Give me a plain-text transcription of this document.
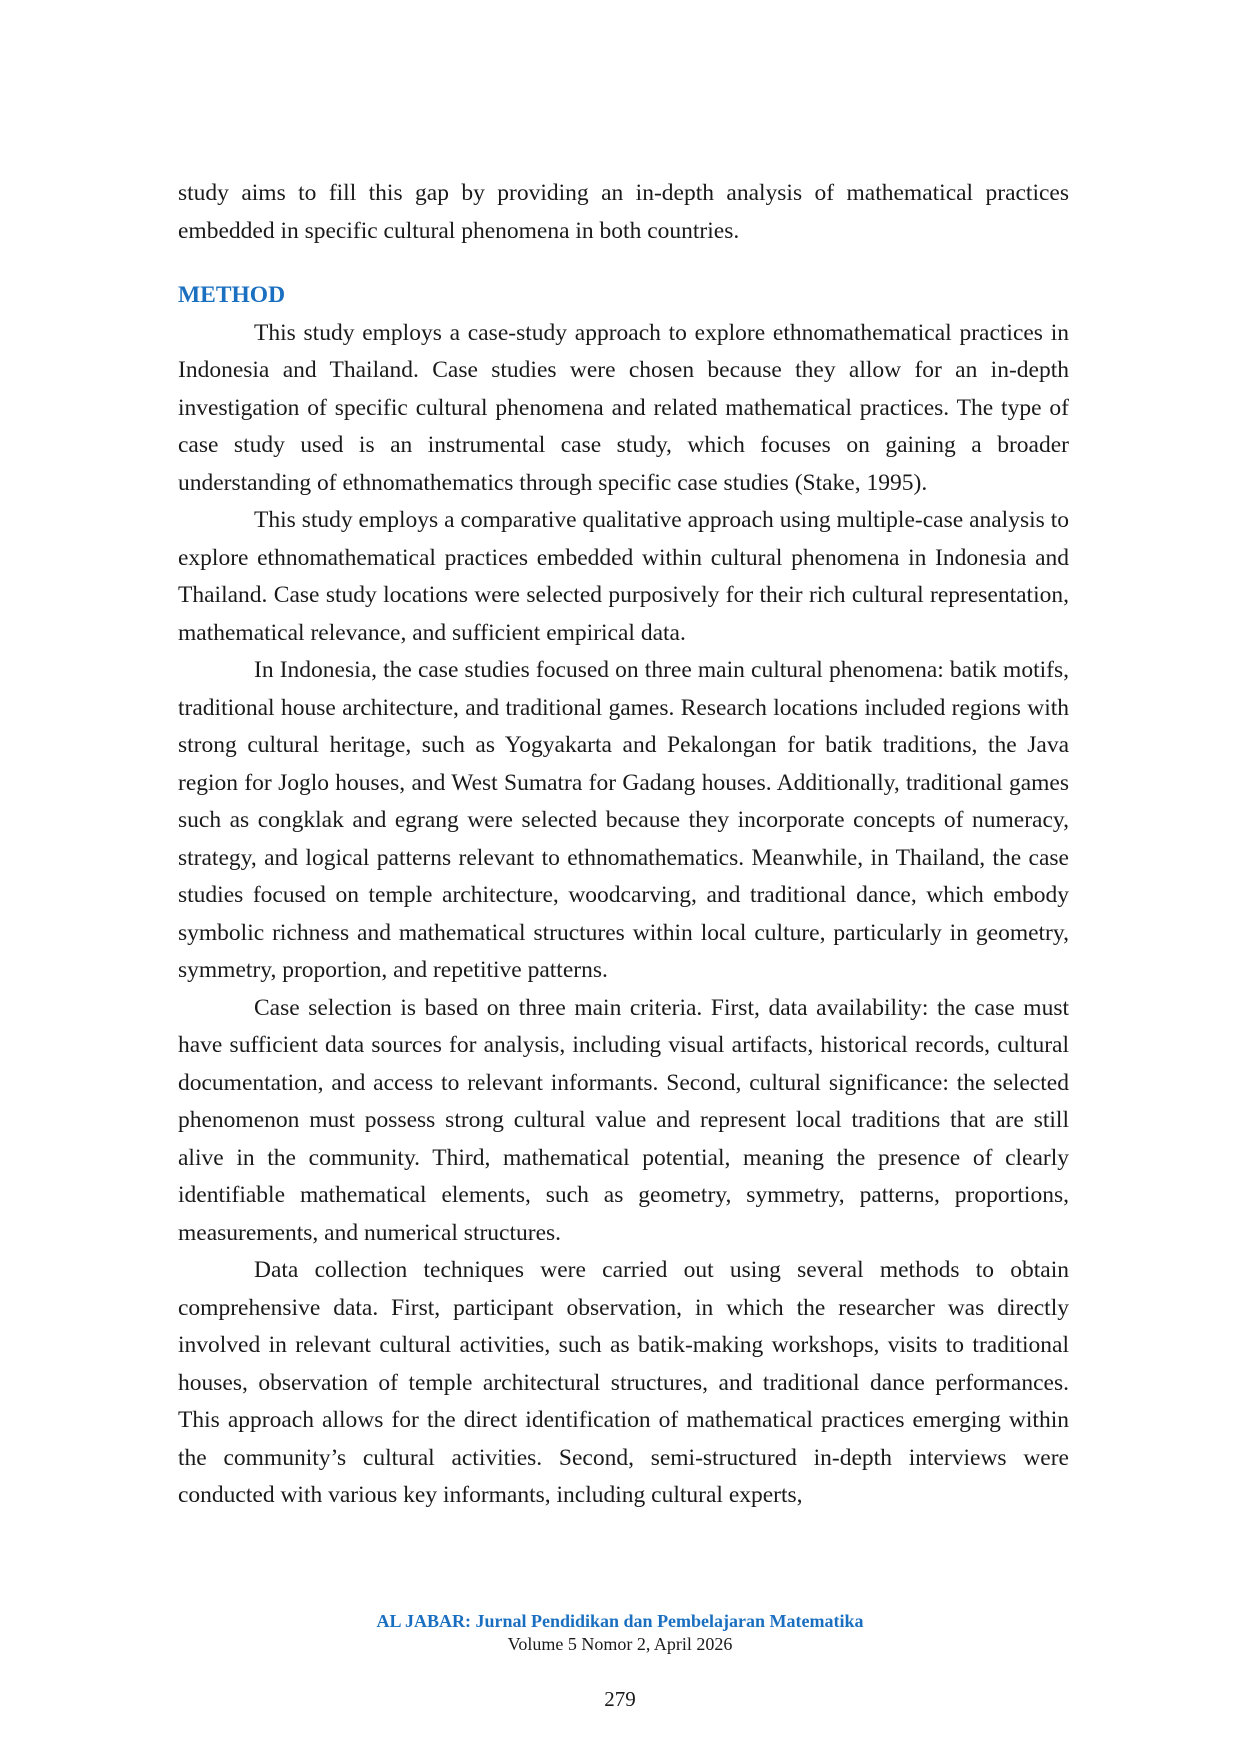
study aims to fill this gap by providing an in-depth analysis of mathematical practices embedded in specific cultural phenomena in both countries.

METHOD

This study employs a case-study approach to explore ethnomathematical practices in Indonesia and Thailand. Case studies were chosen because they allow for an in-depth investigation of specific cultural phenomena and related mathematical practices. The type of case study used is an instrumental case study, which focuses on gaining a broader understanding of ethnomathematics through specific case studies (Stake, 1995).

This study employs a comparative qualitative approach using multiple-case analysis to explore ethnomathematical practices embedded within cultural phenomena in Indonesia and Thailand. Case study locations were selected purposively for their rich cultural representation, mathematical relevance, and sufficient empirical data.

In Indonesia, the case studies focused on three main cultural phenomena: batik motifs, traditional house architecture, and traditional games. Research locations included regions with strong cultural heritage, such as Yogyakarta and Pekalongan for batik traditions, the Java region for Joglo houses, and West Sumatra for Gadang houses. Additionally, traditional games such as congklak and egrang were selected because they incorporate concepts of numeracy, strategy, and logical patterns relevant to ethnomathematics. Meanwhile, in Thailand, the case studies focused on temple architecture, woodcarving, and traditional dance, which embody symbolic richness and mathematical structures within local culture, particularly in geometry, symmetry, proportion, and repetitive patterns.

Case selection is based on three main criteria. First, data availability: the case must have sufficient data sources for analysis, including visual artifacts, historical records, cultural documentation, and access to relevant informants. Second, cultural significance: the selected phenomenon must possess strong cultural value and represent local traditions that are still alive in the community. Third, mathematical potential, meaning the presence of clearly identifiable mathematical elements, such as geometry, symmetry, patterns, proportions, measurements, and numerical structures.

Data collection techniques were carried out using several methods to obtain comprehensive data. First, participant observation, in which the researcher was directly involved in relevant cultural activities, such as batik-making workshops, visits to traditional houses, observation of temple architectural structures, and traditional dance performances. This approach allows for the direct identification of mathematical practices emerging within the community’s cultural activities. Second, semi-structured in-depth interviews were conducted with various key informants, including cultural experts,

AL JABAR: Jurnal Pendidikan dan Pembelajaran Matematika
Volume 5 Nomor 2, April 2026
279
